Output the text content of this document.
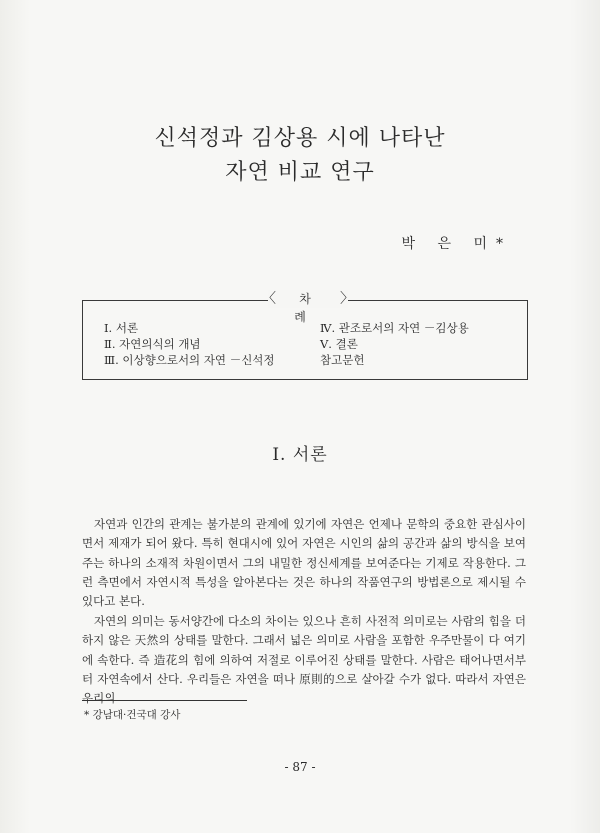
신석정과 김상용 시에 나타난
자연 비교 연구
박 은 미*
〈 차 례
〉
Ⅰ. 서론
Ⅱ. 자연의식의 개념
Ⅲ. 이상향으로서의 자연 －신석정
Ⅳ. 관조로서의 자연 －김상용
Ⅴ. 결론
참고문헌
Ⅰ. 서론
자연과 인간의 관계는 불가분의 관계에 있기에 자연은 언제나 문학의 중요한 관심사이면서 제재가 되어 왔다. 특히 현대시에 있어 자연은 시인의 삶의 공간과 삶의 방식을 보여주는 하나의 소재적 차원이면서 그의 내밀한 정신세계를 보여준다는 기제로 작용한다. 그런 측면에서 자연시적 특성을 알아본다는 것은 하나의 작품연구의 방법론으로 제시될 수 있다고 본다.
자연의 의미는 동서양간에 다소의 차이는 있으나 흔히 사전적 의미로는 사람의 힘을 더하지 않은 天然의 상태를 말한다. 그래서 넓은 의미로 사람을 포함한 우주만물이 다 여기에 속한다. 즉 造花의 힘에 의하여 저절로 이루어진 상태를 말한다. 사람은 태어나면서부터 자연속에서 산다. 우리들은 자연을 떠나 原則的으로 살아갈 수가 없다. 따라서 자연은 우리의
* 강남대·건국대 강사
- 87 -
